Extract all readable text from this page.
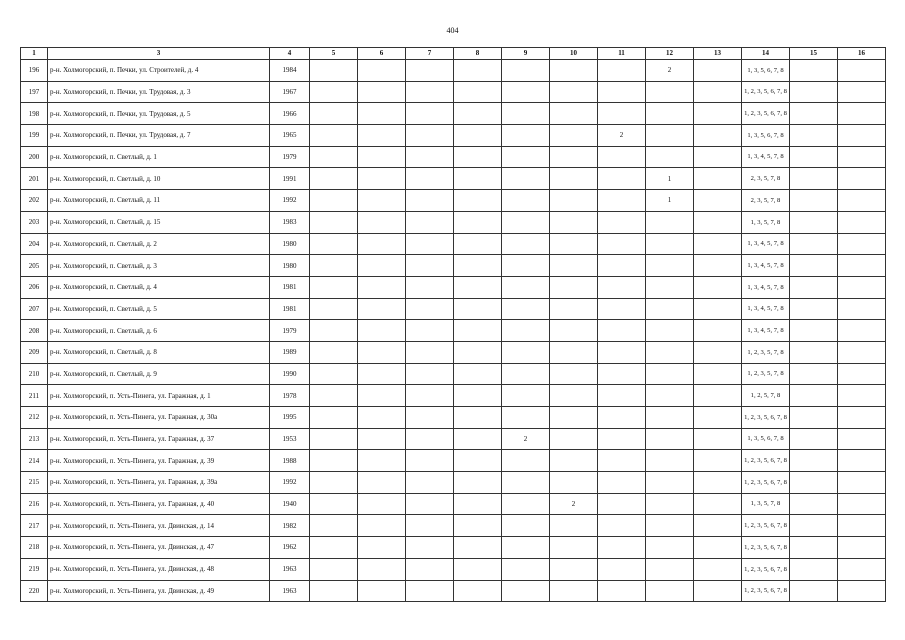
404
1	3	4	5	6	7	8	9	10	11	12	13	14	15	16
196	р-н. Холмогорский, п. Печки, ул. Строителей, д. 4	1984								2		1, 3, 5, 6, 7, 8		
197	р-н. Холмогорский, п. Печки, ул. Трудовая, д. 3	1967										1, 2, 3, 5, 6, 7, 8		
198	р-н. Холмогорский, п. Печки, ул. Трудовая, д. 5	1966										1, 2, 3, 5, 6, 7, 8		
199	р-н. Холмогорский, п. Печки, ул. Трудовая, д. 7	1965							2			1, 3, 5, 6, 7, 8		
200	р-н. Холмогорский, п. Светлый, д. 1	1979										1, 3, 4, 5, 7, 8		
201	р-н. Холмогорский, п. Светлый, д. 10	1991								1		2, 3, 5, 7, 8		
202	р-н. Холмогорский, п. Светлый, д. 11	1992								1		2, 3, 5, 7, 8		
203	р-н. Холмогорский, п. Светлый, д. 15	1983										1, 3, 5, 7, 8		
204	р-н. Холмогорский, п. Светлый, д. 2	1980										1, 3, 4, 5, 7, 8		
205	р-н. Холмогорский, п. Светлый, д. 3	1980										1, 3, 4, 5, 7, 8		
206	р-н. Холмогорский, п. Светлый, д. 4	1981										1, 3, 4, 5, 7, 8		
207	р-н. Холмогорский, п. Светлый, д. 5	1981										1, 3, 4, 5, 7, 8		
208	р-н. Холмогорский, п. Светлый, д. 6	1979										1, 3, 4, 5, 7, 8		
209	р-н. Холмогорский, п. Светлый, д. 8	1989										1, 2, 3, 5, 7, 8		
210	р-н. Холмогорский, п. Светлый, д. 9	1990										1, 2, 3, 5, 7, 8		
211	р-н. Холмогорский, п. Усть-Пинега, ул. Гаражная, д. 1	1978										1, 2, 5, 7, 8		
212	р-н. Холмогорский, п. Усть-Пинега, ул. Гаражная, д. 30а	1995										1, 2, 3, 5, 6, 7, 8		
213	р-н. Холмогорский, п. Усть-Пинега, ул. Гаражная, д. 37	1953					2					1, 3, 5, 6, 7, 8		
214	р-н. Холмогорский, п. Усть-Пинега, ул. Гаражная, д. 39	1988										1, 2, 3, 5, 6, 7, 8		
215	р-н. Холмогорский, п. Усть-Пинега, ул. Гаражная, д. 39а	1992										1, 2, 3, 5, 6, 7, 8		
216	р-н. Холмогорский, п. Усть-Пинега, ул. Гаражная, д. 40	1940						2				1, 3, 5, 7, 8		
217	р-н. Холмогорский, п. Усть-Пинега, ул. Двинская, д. 14	1982										1, 2, 3, 5, 6, 7, 8		
218	р-н. Холмогорский, п. Усть-Пинега, ул. Двинская, д. 47	1962										1, 2, 3, 5, 6, 7, 8		
219	р-н. Холмогорский, п. Усть-Пинега, ул. Двинская, д. 48	1963										1, 2, 3, 5, 6, 7, 8		
220	р-н. Холмогорский, п. Усть-Пинега, ул. Двинская, д. 49	1963										1, 2, 3, 5, 6, 7, 8		
